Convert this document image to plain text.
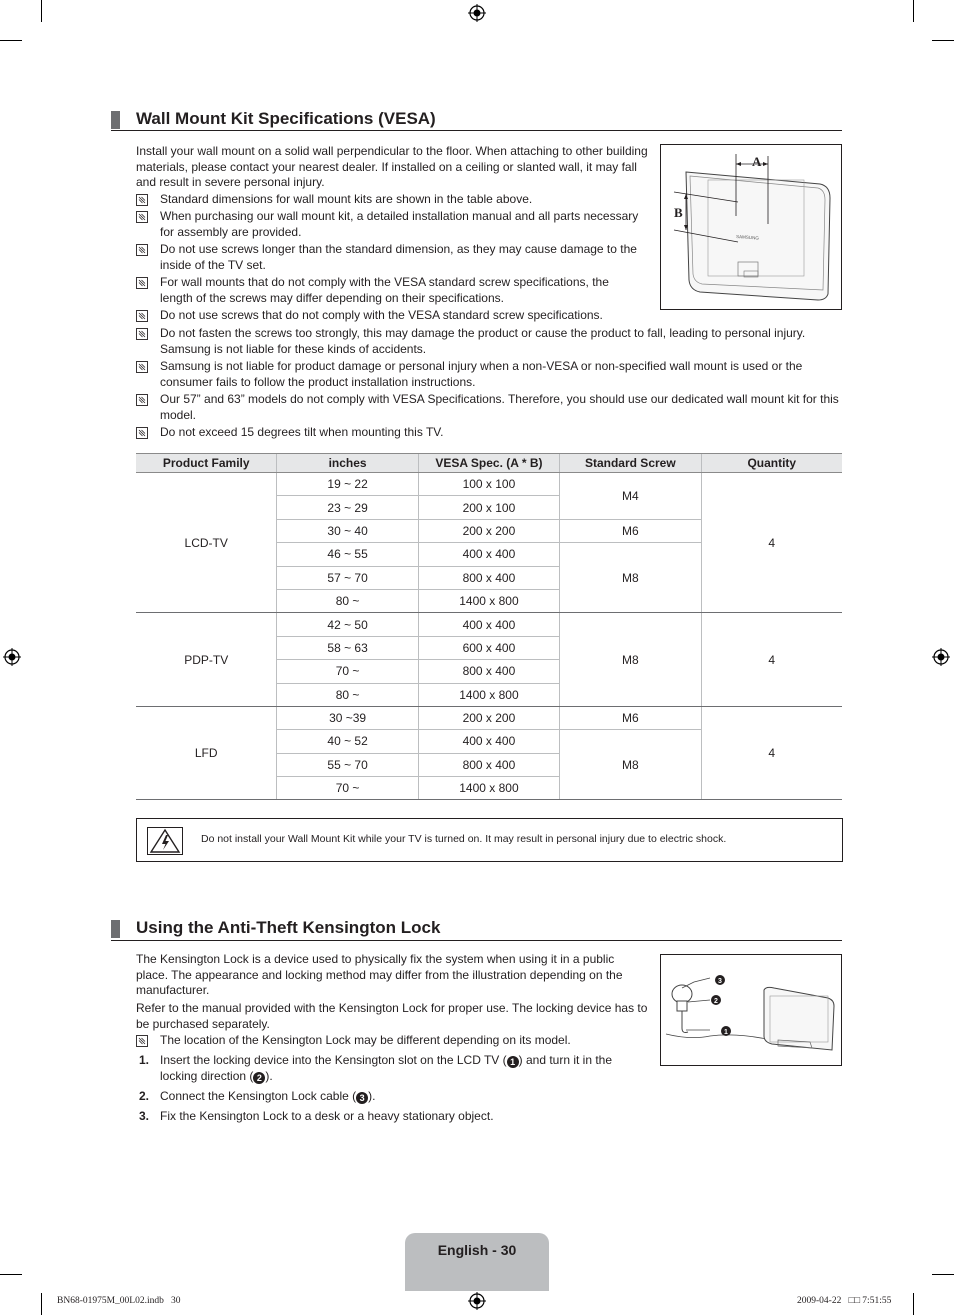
Wall Mount Kit Specifications (VESA)
Install your wall mount on a solid wall perpendicular to the floor. When attaching to other building materials, please contact your nearest dealer. If installed on a ceiling or slanted wall, it may fall and result in severe personal injury.
Standard dimensions for wall mount kits are shown in the table above.
When purchasing our wall mount kit, a detailed installation manual and all parts necessary for assembly are provided.
Do not use screws longer than the standard dimension, as they may cause damage to the inside of the TV set.
For wall mounts that do not comply with the VESA standard screw specifications, the length of the screws may differ depending on their specifications.
Do not use screws that do not comply with the VESA standard screw specifications.
Do not fasten the screws too strongly, this may damage the product or cause the product to fall, leading to personal injury. Samsung is not liable for these kinds of accidents.
Samsung is not liable for product damage or personal injury when a non-VESA or non-specified wall mount is used or the consumer fails to follow the product installation instructions.
Our 57” and 63” models do not comply with VESA Specifications. Therefore, you should use our dedicated wall mount kit for this model.
Do not exceed 15 degrees tilt when mounting this TV.
A
B
SAMSUNG
Product Family	inches	VESA Spec. (A * B)	Standard Screw	Quantity
LCD-TV	19 ~ 22	100 x 100	M4	4
	23 ~ 29	200 x 100		
	30 ~ 40	200 x 200	M6	
	46 ~ 55	400 x 400	M8	
	57 ~ 70	800 x 400		
	80 ~	1400 x 800		
PDP-TV	42 ~ 50	400 x 400	M8	4
	58 ~ 63	600 x 400		
	70 ~	800 x 400		
	80 ~	1400 x 800		
LFD	30 ~39	200 x 200	M6	4
	40 ~ 52	400 x 400	M8	
	55 ~ 70	800 x 400		
	70 ~	1400 x 800		
Do not install your Wall Mount Kit while your TV is turned on. It may result in personal injury due to electric shock.
Using the Anti-Theft Kensington Lock
The Kensington Lock is a device used to physically fix the system when using it in a public place. The appearance and locking method may differ from the illustration depending on the manufacturer.
Refer to the manual provided with the Kensington Lock for proper use. The locking device has to be purchased separately.
The location of the Kensington Lock may be different depending on its model.
1. Insert the locking device into the Kensington slot on the LCD TV ( 1 ) and turn it in the locking direction ( 2 ).
2. Connect the Kensington Lock cable ( 3 ).
3. Fix the Kensington Lock to a desk or a heavy stationary object.
3
2
1
English - 30
BN68-01975M_00L02.indb   30	2009-04-22   □□ 7:51:55
